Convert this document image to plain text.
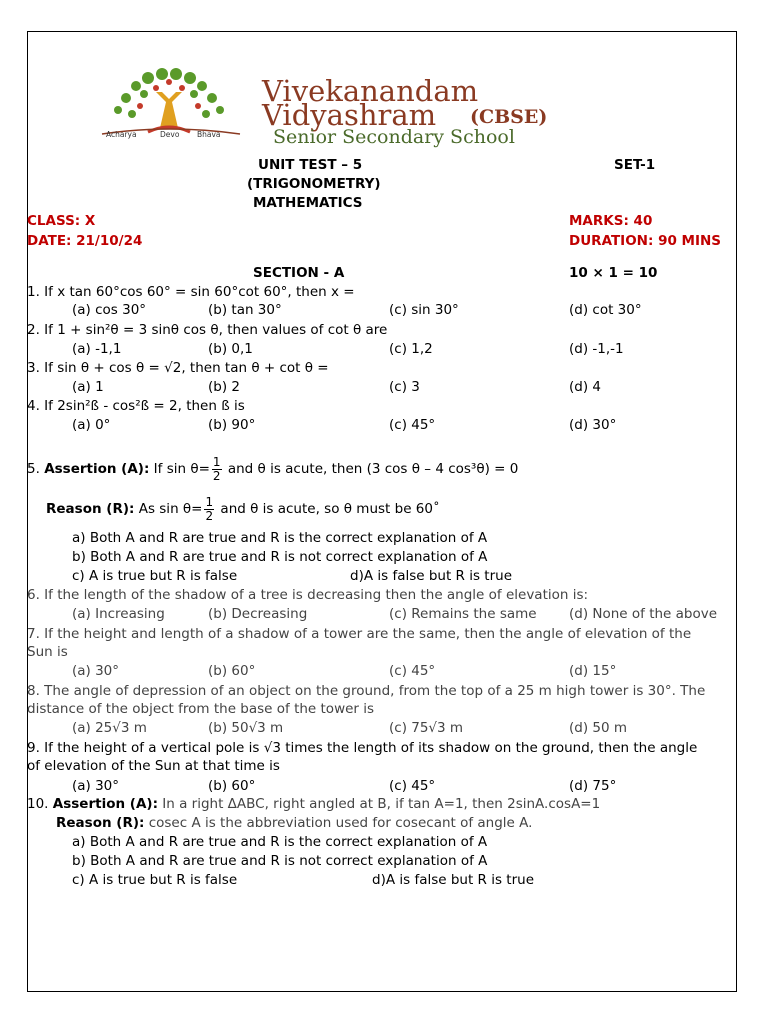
Acharya	Devo Bhava
Vivekanandam
Vidyashram (CBSE)
Senior Secondary School
UNIT TEST – 5	SET-1
(TRIGONOMETRY)
MATHEMATICS
CLASS: X	MARKS: 40
DATE: 21/10/24	DURATION: 90 MINS
SECTION - A	10 × 1 = 10
1. If x tan 60°cos 60° = sin 60°cot 60°, then x =
(a) cos 30°	(b) tan 30°	(c) sin 30°	(d) cot 30°
2. If 1 + sin²θ = 3 sinθ cos θ, then values of cot θ are
(a) -1,1	(b) 0,1	(c) 1,2	(d) -1,-1
3. If sin θ + cos θ = √2, then tan θ + cot θ =
(a) 1	(b) 2	(c) 3	(d) 4
4. If 2sin²ß - cos²ß = 2, then ß is
(a) 0°	(b) 90°	(c) 45°	(d) 30°
5. Assertion (A): If $\sin \theta= \frac{1}{2}$ and θ is acute, then (3 cos θ – 4 cos³θ) = 0
Reason (R): As $\sin \theta= \frac{1}{2}$ and θ is acute, so θ must be 60˚
a) Both A and R are true and R is the correct explanation of A
b) Both A and R are true and R is not correct explanation of A
c) A is true but R is false	d)A is false but R is true
6. If the length of the shadow of a tree is decreasing then the angle of elevation is:
(a) Increasing	(b) Decreasing	(c) Remains the same (d) None of the above
7. If the height and length of a shadow of a tower are the same, then the angle of elevation of the
Sun is
(a) 30°	(b) 60°	(c) 45°	(d) 15°
8. The angle of depression of an object on the ground, from the top of a 25 m high tower is 30°. The
distance of the object from the base of the tower is
(a) 25√3 m	(b) 50√3 m	(c) 75√3 m	(d) 50 m
9. If the height of a vertical pole is √3 times the length of its shadow on the ground, then the angle
of elevation of the Sun at that time is
(a) 30°	(b) 60°	(c) 45°	(d) 75°
10. Assertion (A): In a right ΔABC, right angled at B, if tan A=1, then 2sinA.cosA=1
Reason (R): cosec A is the abbreviation used for cosecant of angle A.
a) Both A and R are true and R is the correct explanation of A
b) Both A and R are true and R is not correct explanation of A
c) A is true but R is false	d)A is false but R is true
